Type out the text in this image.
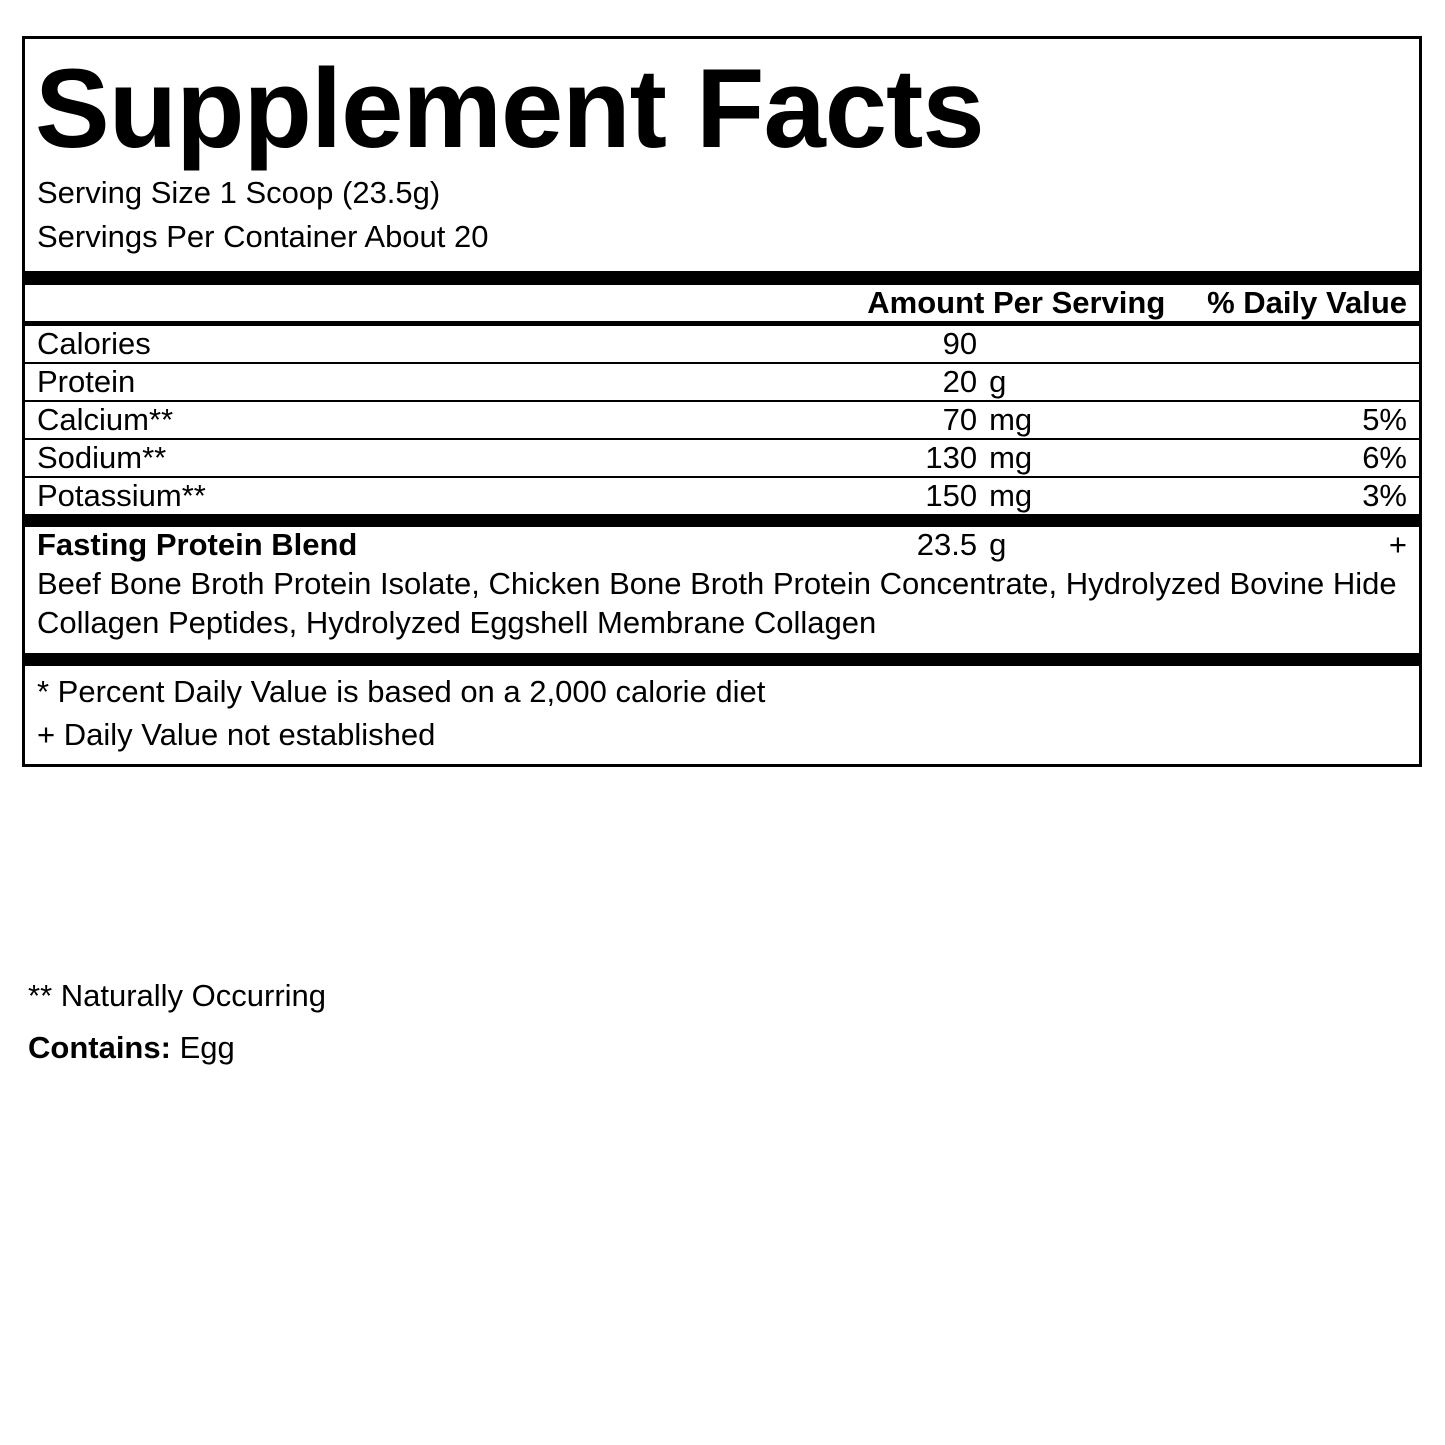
Supplement Facts
Serving Size 1 Scoop (23.5g)
Servings Per Container About 20
	Amount Per Serving	% Daily Value
Calories	90		
Protein	20	g	
Calcium**	70	mg	5%
Sodium**	130	mg	6%
Potassium**	150	mg	3%
Fasting Protein Blend	23.5	g	+
Beef Bone Broth Protein Isolate, Chicken Bone Broth Protein Concentrate, Hydrolyzed Bovine Hide Collagen Peptides, Hydrolyzed Eggshell Membrane Collagen
* Percent Daily Value is based on a 2,000 calorie diet
+ Daily Value not established
** Naturally Occurring
Contains: Egg
